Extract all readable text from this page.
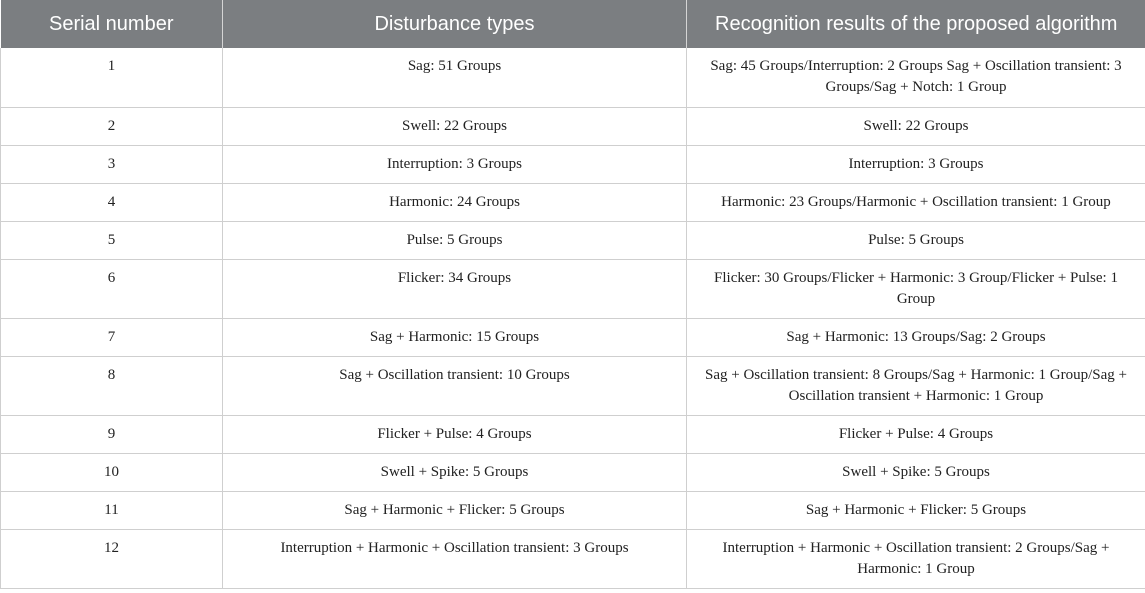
Serial number	Disturbance types	Recognition results of the proposed algorithm
1	Sag: 51 Groups	Sag: 45 Groups/Interruption: 2 Groups Sag + Oscillation transient: 3 Groups/Sag + Notch: 1 Group
2	Swell: 22 Groups	Swell: 22 Groups
3	Interruption: 3 Groups	Interruption: 3 Groups
4	Harmonic: 24 Groups	Harmonic: 23 Groups/Harmonic + Oscillation transient: 1 Group
5	Pulse: 5 Groups	Pulse: 5 Groups
6	Flicker: 34 Groups	Flicker: 30 Groups/Flicker + Harmonic: 3 Group/Flicker + Pulse: 1 Group
7	Sag + Harmonic: 15 Groups	Sag + Harmonic: 13 Groups/Sag: 2 Groups
8	Sag + Oscillation transient: 10 Groups	Sag + Oscillation transient: 8 Groups/Sag + Harmonic: 1 Group/Sag + Oscillation transient + Harmonic: 1 Group
9	Flicker + Pulse: 4 Groups	Flicker + Pulse: 4 Groups
10	Swell + Spike: 5 Groups	Swell + Spike: 5 Groups
11	Sag + Harmonic + Flicker: 5 Groups	Sag + Harmonic + Flicker: 5 Groups
12	Interruption + Harmonic + Oscillation transient: 3 Groups	Interruption + Harmonic + Oscillation transient: 2 Groups/Sag + Harmonic: 1 Group
